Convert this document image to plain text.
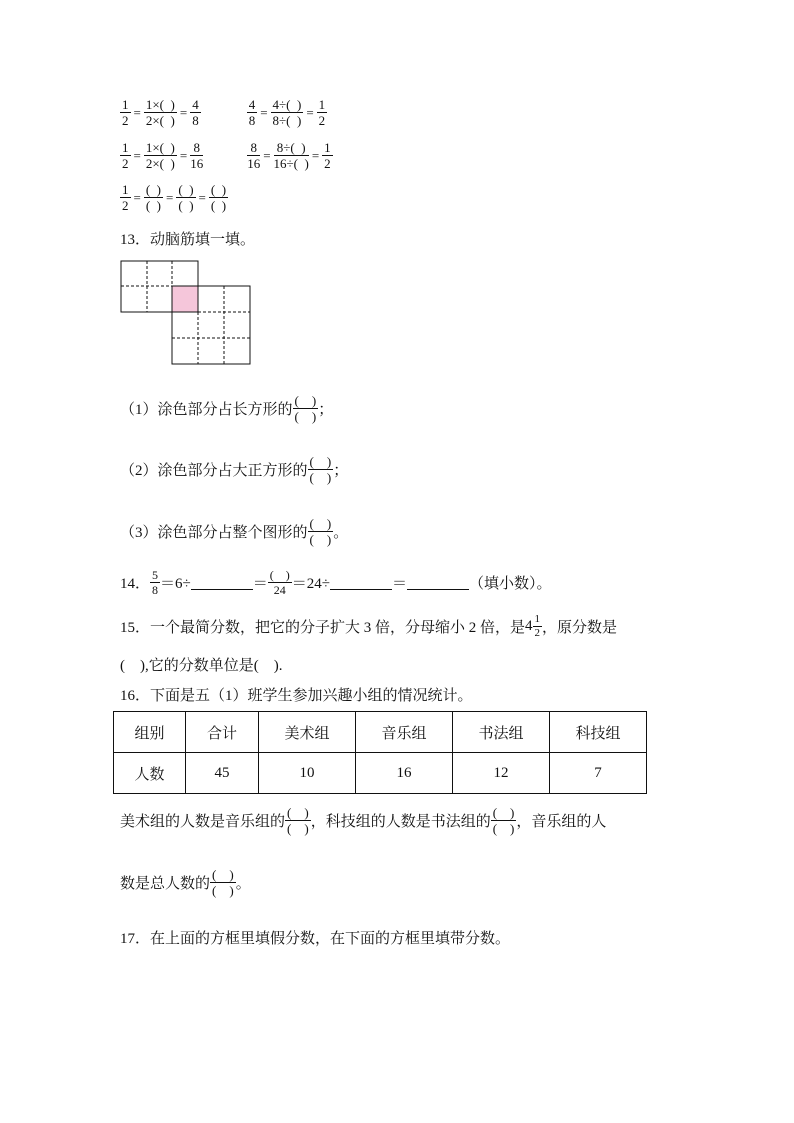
$\frac{1}{2} = \frac{1\times( )}{2\times( )} = \frac{4}{8}$	$\frac{4}{8} = \frac{4\div( )}{8\div( )} = \frac{1}{2}$
$\frac{1}{2} = \frac{1\times( )}{2\times( )} = \frac{8}{16}$	$\frac{8}{16} = \frac{8\div( )}{16\div( )} = \frac{1}{2}$
$\frac{1}{2} = \frac{( )}{( )} = \frac{( )}{( )} = \frac{( )}{( )}$
13．动脑筋填一填。
（1）涂色部分占长方形的 $\frac{( )}{( )}$ ；
（2）涂色部分占大正方形的 $\frac{( )}{( )}$ ；
（3）涂色部分占整个图形的 $\frac{( )}{( )}$ 。
14． $\frac{5}{8} =6\div$	＝ $\frac{( )}{24} =24\div$	＝	（填小数）。
15．一个最简分数，把它的分子扩大 3 倍，分母缩小 2 倍，是 $4 \frac{1}{2}$ ，原分数是
(    ),它的分数单位是(    ).
16．下面是五（1）班学生参加兴趣小组的情况统计。
组别	合计	美术组	音乐组	书法组	科技组
人数	45	10	16	12	7
美术组的人数是音乐组的 $\frac{( )}{( )}$ ，科技组的人数是书法组的 $\frac{( )}{( )}$ ，音乐组的人
数是总人数的 $\frac{( )}{( )}$ 。
17．在上面的方框里填假分数，在下面的方框里填带分数。
